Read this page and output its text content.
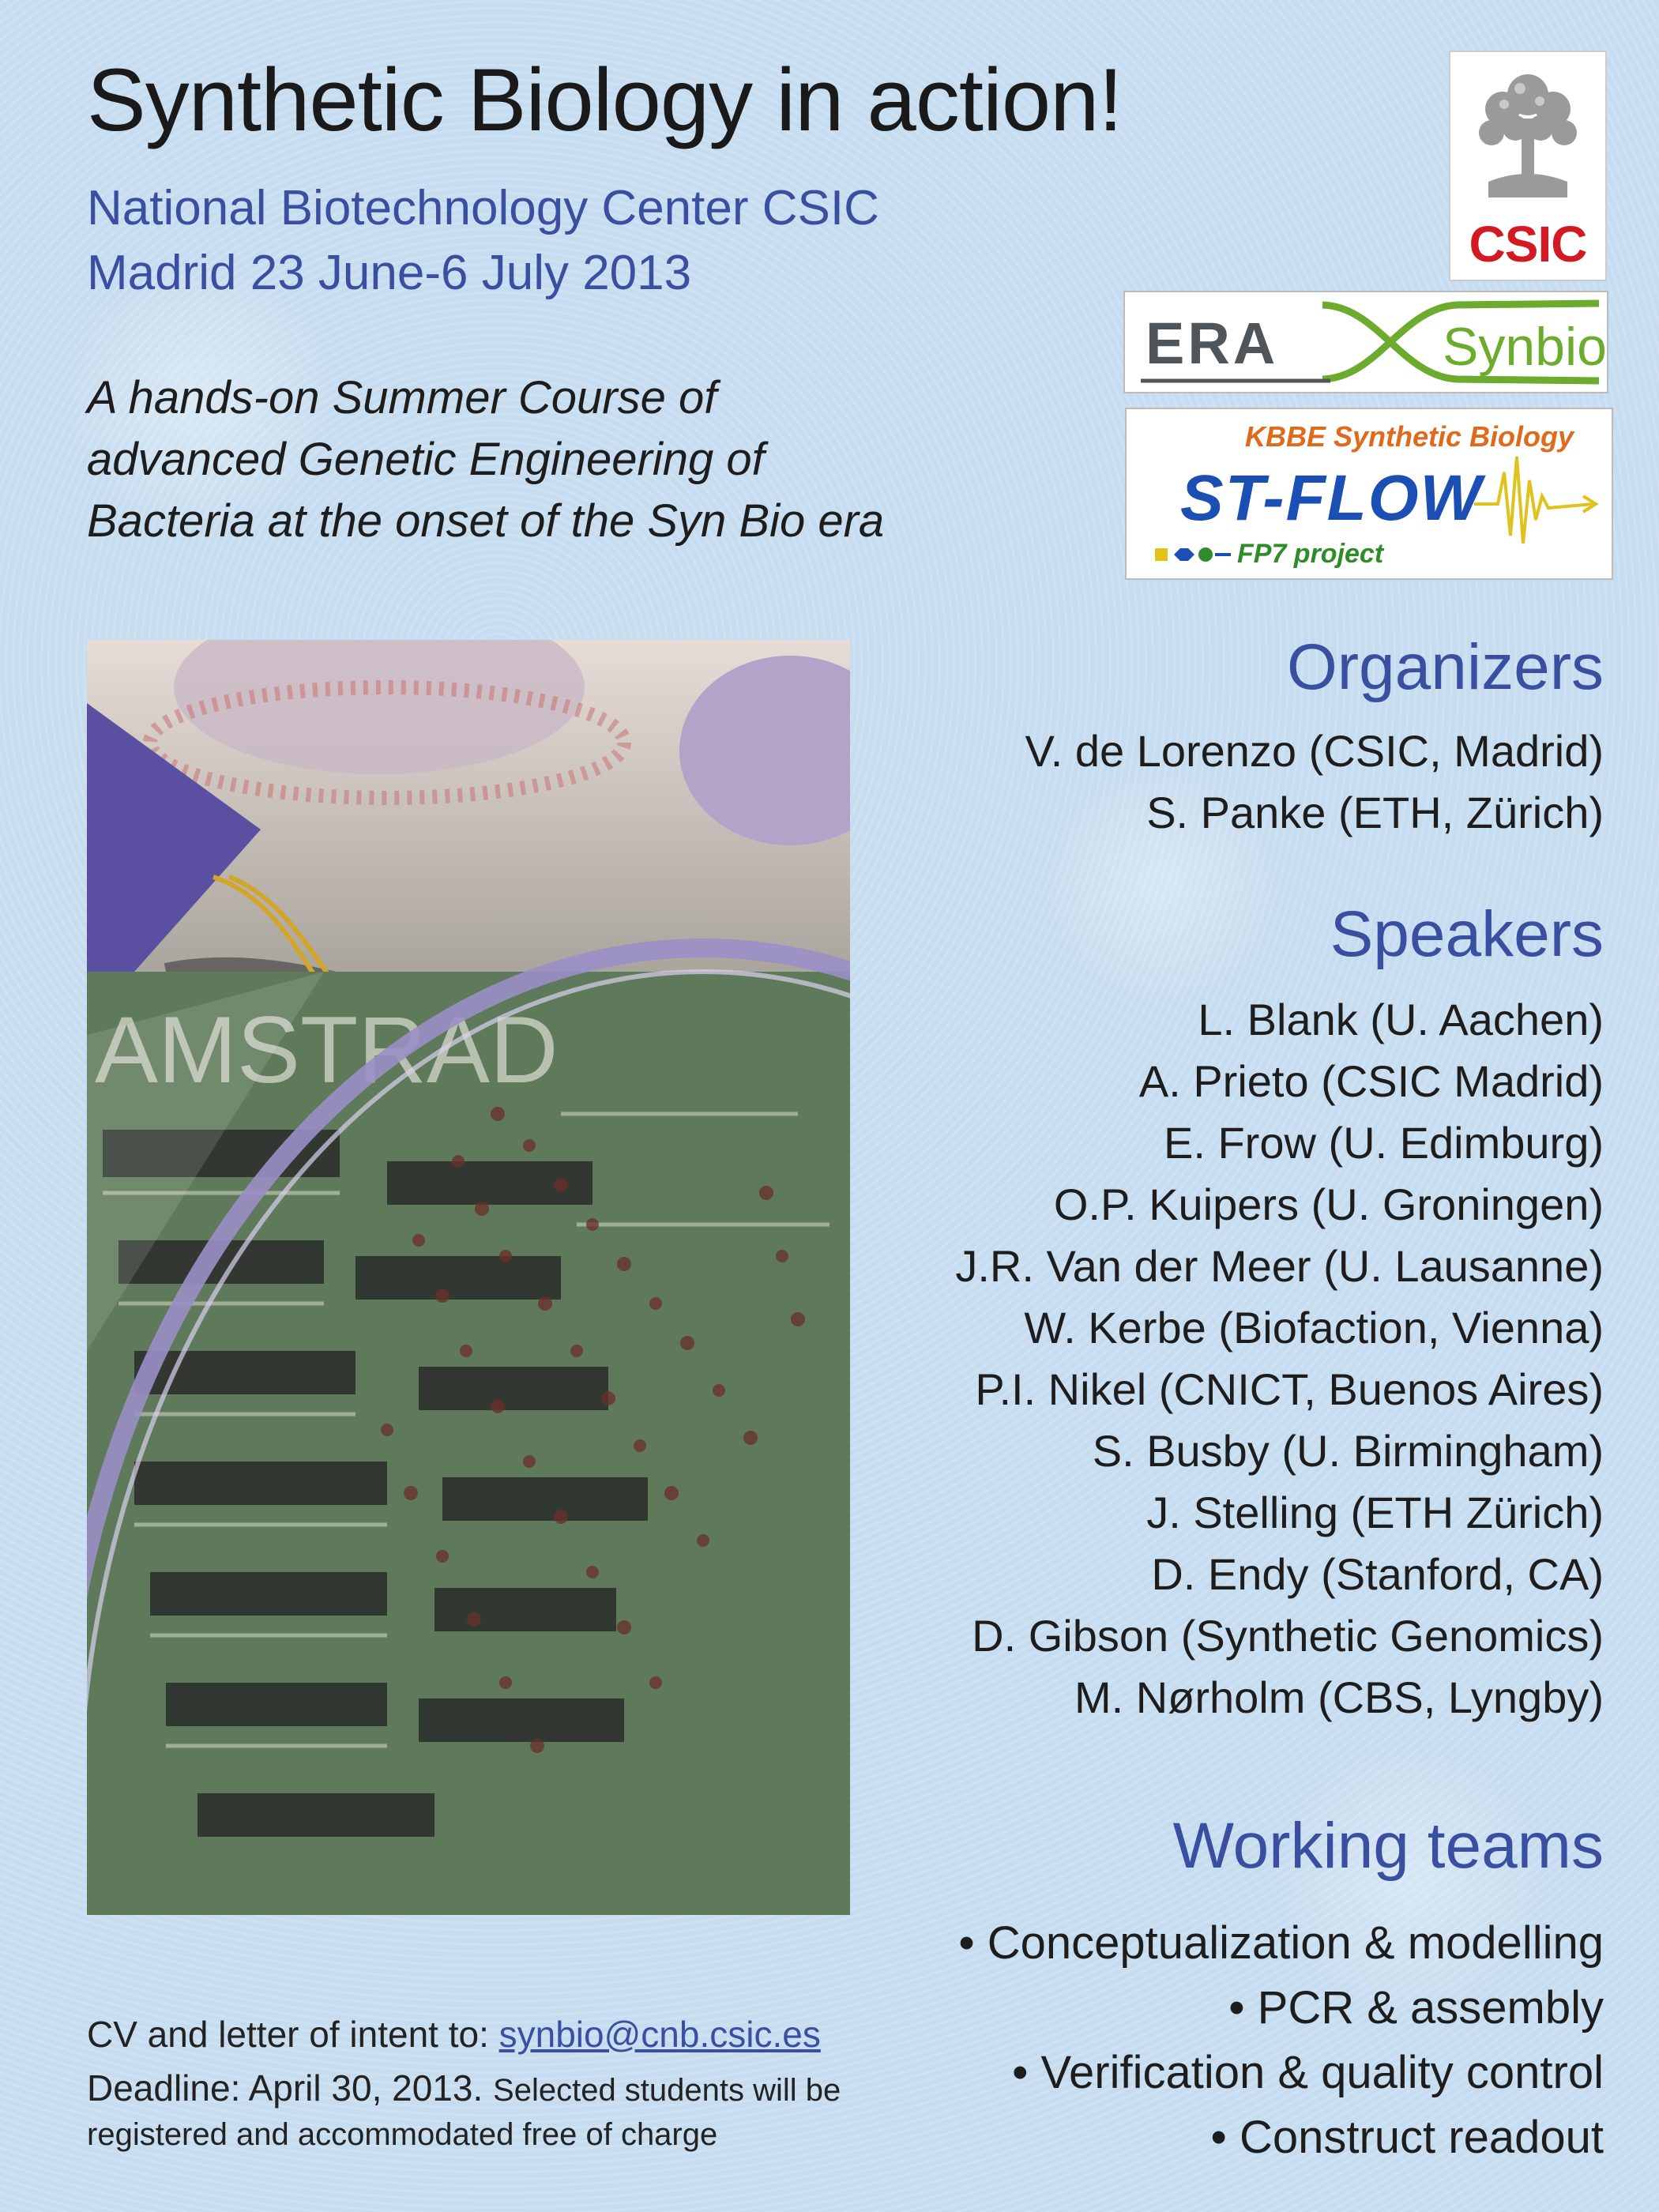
Synthetic Biology in action!
National Biotechnology Center CSIC
Madrid 23 June-6 July 2013
A hands-on Summer Course of
advanced Genetic Engineering of
Bacteria at the onset of the Syn Bio era
CSIC
ERA	Synbio
KBBE Synthetic Biology
ST-FLOW
FP7 project
AMSTRAD
Organizers
V. de Lorenzo (CSIC, Madrid)
S. Panke (ETH, Zürich)
Speakers
L. Blank (U. Aachen)
A. Prieto (CSIC Madrid)
E. Frow (U. Edimburg)
O.P. Kuipers (U. Groningen)
J.R. Van der Meer (U. Lausanne)
W. Kerbe (Biofaction, Vienna)
P.I. Nikel (CNICT, Buenos Aires)
S. Busby (U. Birmingham)
J. Stelling (ETH Zürich)
D. Endy (Stanford, CA)
D. Gibson (Synthetic Genomics)
M. Nørholm (CBS, Lyngby)
Working teams
• Conceptualization & modelling
• PCR & assembly
• Verification & quality control
• Construct readout
CV and letter of intent to: synbio@cnb.csic.es
Deadline: April 30, 2013. Selected students will be
registered and accommodated free of charge
